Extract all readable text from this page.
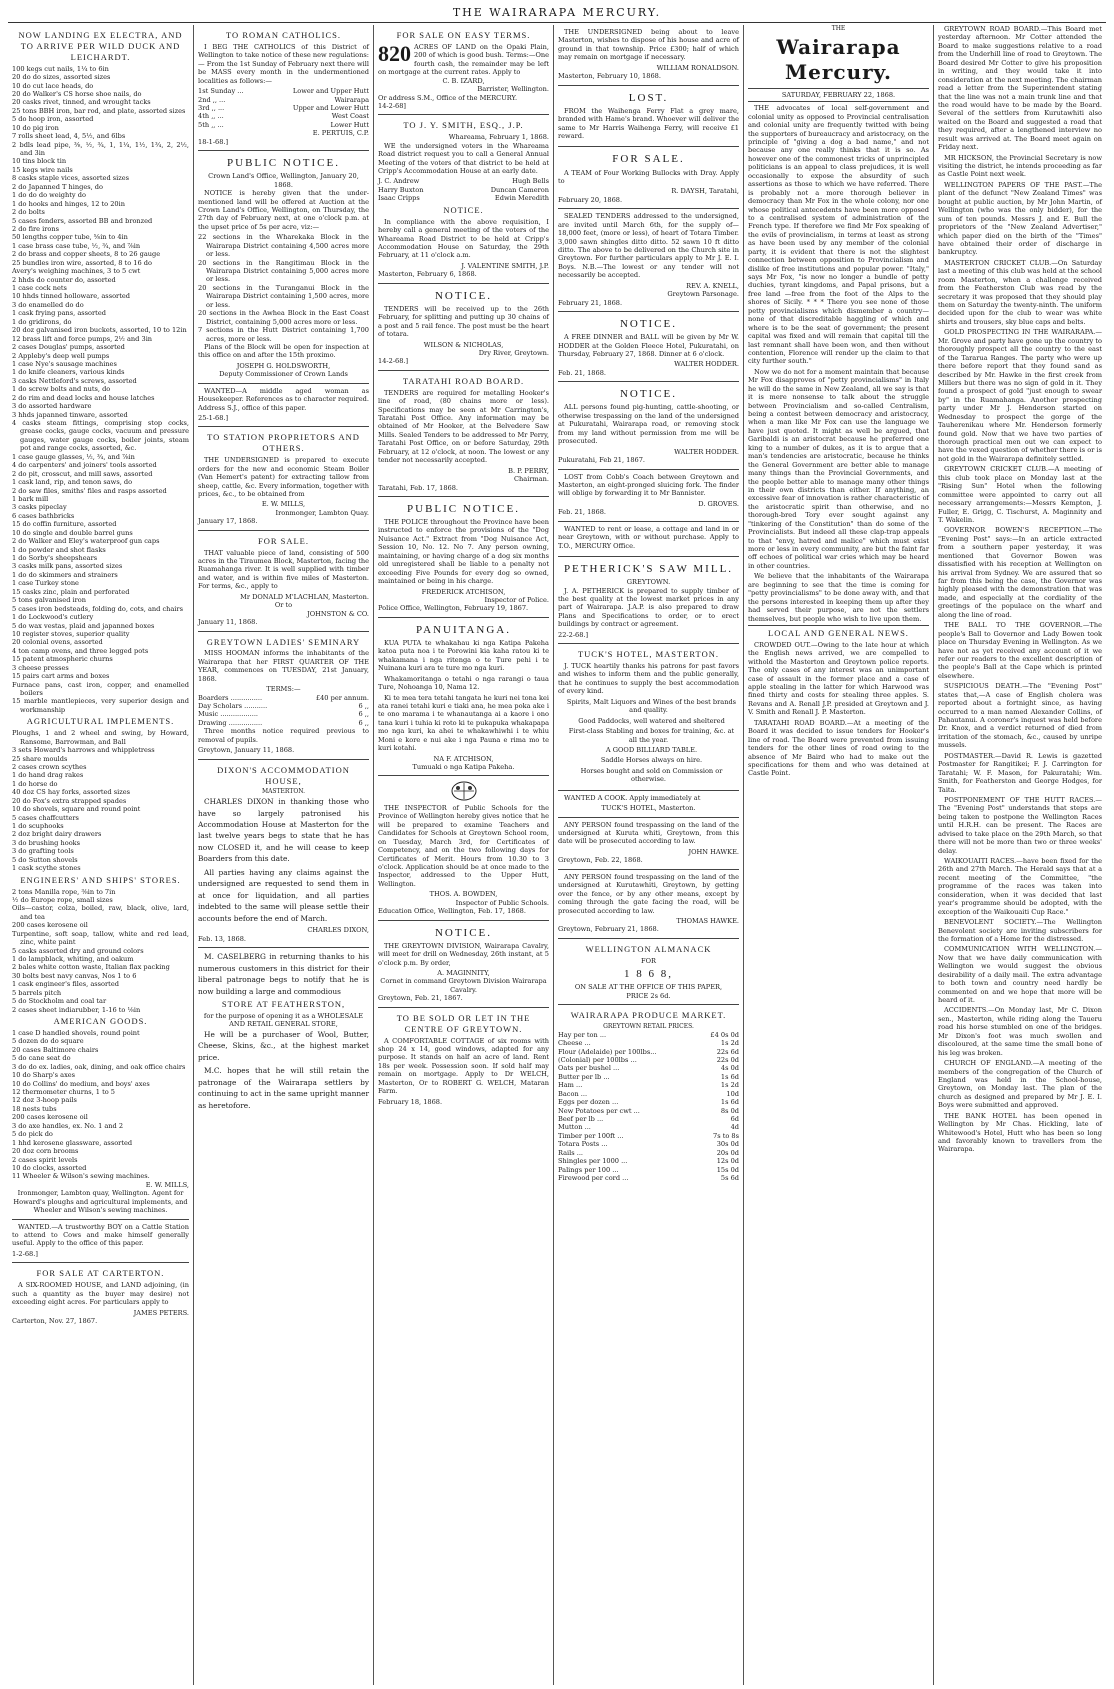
THE WAIRARAPA MERCURY.
NOW LANDING EX ELECTRA, AND TO ARRIVE PER WILD DUCK AND LEICHARDT.
100 kegs cut nails, 1¼ to 6in
20 do do sizes, assorted sizes
10 do cut lace heads, do
20 do Walker's CS horse shoe nails, do
20 casks rivet, tinned, and wrought tacks
25 tons BBH iron, bar rod, and plate, assorted sizes
5 do hoop iron, assorted
10 do pig iron
7 rolls sheet lead, 4, 5½, and 6lbs
2 bdls lead pipe, ⅜, ½, ¾, 1, 1¼, 1½, 1¾, 2, 2½, and 3in
10 tins block tin
15 kegs wire nails
8 casks staple vices, assorted sizes
2 do Japanned T hinges, do
1 do do do weighty do
1 do hooks and hinges, 12 to 20in
2 do bolts
5 cases fenders, assorted BB and bronzed
2 do fire irons
50 lengths copper tube, ⅝in to 4in
1 case brass case tube, ½, ¾, and ⅞in
2 do brass and copper sheets, 8 to 26 gauge
25 bundles iron wire, assorted, 8 to 16 do
Avery's weighing machines, 3 to 5 cwt
2 hhds do counter do, assorted
1 case cock nets
10 hhds tinned holloware, assorted
3 do enamelled do do
1 cask frying pans, assorted
1 do gridirons, do
20 doz galvanised iron buckets, assorted, 10 to 12in
12 brass lift and force pumps, 2½ and 3in
2 cases Douglas' pumps, assorted
2 Appleby's deep well pumps
1 case Nye's sausage machines
1 do knife cleaners, various kinds
3 casks Nettleford's screws, assorted
1 do screw bolts and nuts, do
2 do rim and dead locks and house latches
3 do assorted hardware
3 hhds japanned tinware, assorted
4 casks steam fittings, comprising stop cocks, grease cocks, gauge cocks, vacuum and pressure gauges, water gauge cocks, boiler joints, steam pot and range cocks, assorted, &c.
1 case gauge glasses, ½, ¾, and ⅞in
4 do carpenters' and joiners' tools assorted
2 do pit, crosscut, and mill saws, assorted
1 cask land, rip, and tenon saws, do
2 do saw files, smiths' files and rasps assorted
1 bark mill
3 casks pipeclay
6 cases bathbricks
15 do coffin furniture, assorted
10 do single and double barrel guns
2 do Walker and Eley's waterproof gun caps
1 do powder and shot flasks
1 do Sorby's sheepshears
3 casks milk pans, assorted sizes
1 do do skimmers and strainers
1 case Turkey stone
15 casks zinc, plain and perforated
5 tons galvanised iron
5 cases iron bedsteads, folding do, cots, and chairs
1 do Lockwood's cutlery
5 do wax vestas, plaid and japanned boxes
10 register stoves, superior quality
20 colonial ovens, assorted
4 ton camp ovens, and three legged pots
15 patent atmospheric churns
3 cheese presses
15 pairs cart arms and boxes
Furnace pans, cast iron, copper, and enamelled boilers
15 marble mantlepieces, very superior design and workmanship
AGRICULTURAL IMPLEMENTS.
Ploughs, 1 and 2 wheel and swing, by Howard, Ransome, Barrowman, and Ball
3 sets Howard's harrows and whippletress
25 share moulds
2 cases crown scythes
1 do hand drag rakes
1 do horse do
40 doz CS hay forks, assorted sizes
20 do Fox's extra strapped spades
10 do shovels, square and round point
5 cases chaffcutters
1 do scuphooks
2 doz bright dairy drawers
3 do brushing hooks
3 do grafting tools
5 do Sutton shovels
1 cask scythe stones
ENGINEERS' AND SHIPS' STORES.
2 tons Manilla rope, ⅜in to 7in
½ do Europe rope, small sizes
Oils—castor, colza, boiled, raw, black, olive, lard, and tea
200 cases kerosene oil
Turpentine, soft soap, tallow, white and red lead, zinc, white paint
5 casks assorted dry and ground colors
1 do lampblack, whiting, and oakum
2 bales white cotton waste, Italian flax packing
30 bolts best navy canvas, Nos 1 to 6
1 cask engineer's files, assorted
5 barrels pitch
5 do Stockholm and coal tar
2 cases sheet indiarubber, 1-16 to ⅛in
AMERICAN GOODS.
1 case D handled shovels, round point
5 dozen do do square
20 cases Baltimore chairs
5 do cane seat do
3 do do ex. ladies, oak, dining, and oak office chairs
10 do Sharp's axes
10 do Collins' do medium, and boys' axes
12 thermometer churns, 1 to 5
12 doz 3-hoop pails
18 nests tubs
200 cases kerosene oil
3 do axe handles, ex. No. 1 and 2
5 do pick do
1 hhd kerosene glassware, assorted
20 doz corn brooms
2 cases spirit levels
10 do clocks, assorted
11 Wheeler & Wilson's sewing machines.
E. W. MILLS,
Ironmonger, Lambton quay, Wellington. Agent for Howard's ploughs and agricultural implements, and Wheeler and Wilson's sewing machines.

WANTED.—A trustworthy BOY on a Cattle Station to attend to Cows and make himself generally useful. Apply to the office of this paper.

1-2-68.]
FOR SALE AT CARTERTON.

A SIX-ROOMED HOUSE, and LAND adjoining, (in such a quantity as the buyer may desire) not exceeding eight acres. For particulars apply to

JAMES PETERS.
Carterton, Nov. 27, 1867.
TO ROMAN CATHOLICS.

I BEG THE CATHOLICS of this District of Wellington to take notice of these new regulations:— From the 1st Sunday of February next there will be MASS every month in the undermentioned localities as follows:—

1st Sunday ...	Lower and Upper Hutt
2nd ,, ...	Wairarapa
3rd ,, ...	Upper and Lower Hutt
4th ,, ...	West Coast
5th ,, ...	Lower Hutt
E. PERTUIS, C.P.
18-1-68.]
PUBLIC NOTICE.
Crown Land's Office, Wellington, January 20, 1868.

NOTICE is hereby given that the under-mentioned land will be offered at Auction at the Crown Land's Office, Wellington, on Thursday, the 27th day of February next, at one o'clock p.m. at the upset price of 5s per acre, viz:—

22 sections in the Wharekaka Block in the Wairarapa District containing 4,500 acres more or less.
20 sections in the Rangitimau Block in the Wairarapa District containing 5,000 acres more or less.
20 sections in the Turanganui Block in the Wairarapa District containing 1,500 acres, more or less.
20 sections in the Awhea Block in the East Coast District, containing 5,000 acres more or less.
7 sections in the Hutt District containing 1,700 acres, more or less.

Plans of the Block will be open for inspection at this office on and after the 15th proximo.

JOSEPH G. HOLDSWORTH,
Deputy Commissioner of Crown Lands

WANTED—A middle aged woman as Housekeeper. References as to character required. Address S.J., office of this paper.

25-1-68.]
TO STATION PROPRIETORS AND OTHERS.

THE UNDERSIGNED is prepared to execute orders for the new and economic Steam Boiler (Van Hemert's patent) for extracting tallow from sheep, cattle, &c. Every information, together with prices, &c., to be obtained from

E. W. MILLS,
Ironmonger, Lambton Quay.
January 17, 1868.
FOR SALE.

THAT valuable piece of land, consisting of 500 acres in the Tiraumea Block, Masterton, facing the Ruamahanga river. It is well supplied with timber and water, and is within five miles of Masterton. For terms, &c., apply to

Mr DONALD M'LACHLAN, Masterton.
Or to
JOHNSTON & CO.
January 11, 1868.
GREYTOWN LADIES' SEMINARY

MISS HOOMAN informs the inhabitants of the Wairarapa that her FIRST QUARTER OF THE YEAR, commences on TUESDAY, 21st January, 1868.

TERMS:—
Boarders ...............	£40 per annum.
Day Scholars ...........	6 ,,
Music ..................	6 ,,
Drawing ................	6 ,,

Three months notice required previous to removal of pupils.

Greytown, January 11, 1868.
DIXON'S ACCOMMODATION HOUSE,
MASTERTON.

CHARLES DIXON in thanking those who have so largely patronised his Accommodation House at Masterton for the last twelve years begs to state that he has now CLOSED it, and he will cease to keep Boarders from this date.

All parties having any claims against the undersigned are requested to send them in at once for liquidation, and all parties indebted to the same will please settle their accounts before the end of March.

CHARLES DIXON,
Feb. 13, 1868.

M. CASELBERG in returning thanks to his numerous customers in this district for their liberal patronage begs to notify that he is now building a large and commodious

STORE AT FEATHERSTON,
for the purpose of opening it as a WHOLESALE AND RETAIL GENERAL STORE,

He will be a purchaser of Wool, Butter, Cheese, Skins, &c., at the highest market price.

M.C. hopes that he will still retain the patronage of the Wairarapa settlers by continuing to act in the same upright manner as heretofore.

FOR SALE ON EASY TERMS.
820 ACRES OF LAND on the Opaki Plain, 200 of which is good bush. Terms:—One fourth cash, the remainder may be left on mortgage at the current rates. Apply to
C. B. IZARD,
Barrister, Wellington.
Or address S.M., Office of the MERCURY.
14-2-68]
TO J. Y. SMITH, ESQ., J.P.
Whareama, February 1, 1868.

WE the undersigned voters in the Whareama Road district request you to call a General Annual Meeting of the voters of that district to be held at Cripp's Accommodation House at an early date.

J. C. Andrew	Hugh Bells
Harry Buxton	Duncan Cameron
Isaac Cripps	Edwin Meredith
NOTICE.

In compliance with the above requisition, I hereby call a general meeting of the voters of the Whareama Road District to be held at Cripp's Accommodation House on Saturday, the 29th February, at 11 o'clock a.m.

J. VALENTINE SMITH, J.P.
Masterton, February 6, 1868.
NOTICE.

TENDERS will be received up to the 26th February, for splitting and putting up 30 chains of a post and 5 rail fence. The post must be the heart of totara.

WILSON & NICHOLAS,
Dry River, Greytown.
14-2-68.]
TARATAHI ROAD BOARD.

TENDERS are required for metalling Hooker's line of road, (80 chains more or less). Specifications may be seen at Mr Carrington's, Taratahi Post Office. Any information may be obtained of Mr Hooker, at the Belvedere Saw Mills. Sealed Tenders to be addressed to Mr Perry, Taratahi Post Office, on or before Saturday, 29th February, at 12 o'clock, at noon. The lowest or any tender not necessarily accepted.

B. P. PERRY,
Chairman.
Taratahi, Feb. 17, 1868.
PUBLIC NOTICE.

THE POLICE throughout the Province have been instructed to enforce the provisions of the "Dog Nuisance Act." Extract from "Dog Nuisance Act, Session 10, No. 12. No 7. Any person owning, maintaining, or having charge of a dog six months old unregistered shall be liable to a penalty not exceeding Five Pounds for every dog so owned, maintained or being in his charge.

FREDERICK ATCHISON,
Inspector of Police.
Police Office, Wellington, February 19, 1867.
PANUITANGA.

KUA PUTA te whakahau ki nga Katipa Pakeha katoa puta noa i te Porowini kia kaha ratou ki te whakamana i nga ritenga o te Ture pehi i te Nuinana kuri ara te ture mo nga kuri.

Whakamoritanga o tetahi o nga rarangi o taua Ture, Nohoanga 10, Nama 12.

Ki te mea tera tetahi tangata he kuri nei tona kei ata ranei tetahi kuri e tiaki ana, he mea poka ake i te ono marama i te whanautanga ai a kaore i ono tana kuri i tuhia ki roto ki te pukapuka whakapapa mo nga kuri, ka ahei te whakawhiwhi i te whiu Moni e kore e nui ake i nga Pauna e rima mo te kuri kotahi.

NA F. ATCHISON,
Tumuaki o nga Katipa Pakeha.

THE INSPECTOR of Public Schools for the Province of Wellington hereby gives notice that he will be prepared to examine Teachers and Candidates for Schools at Greytown School room, on Tuesday, March 3rd, for Certificates of Competency, and on the two following days for Certificates of Merit. Hours from 10.30 to 3 o'clock. Application should be at once made to the Inspector, addressed to the Upper Hutt, Wellington.

THOS. A. BOWDEN,
Inspector of Public Schools.
Education Office, Wellington, Feb. 17, 1868.
NOTICE.

THE GREYTOWN DIVISION, Wairarapa Cavalry, will meet for drill on Wednesday, 26th instant, at 5 o'clock p.m. By order,

A. MAGINNITY,
Cornet in command Greytown Division Wairarapa Cavalry.
Greytown, Feb. 21, 1867.
TO BE SOLD OR LET IN THE CENTRE OF GREYTOWN.

A COMFORTABLE COTTAGE of six rooms with shop 24 x 14, good windows, adapted for any purpose. It stands on half an acre of land. Rent 18s per week. Possession soon. If sold half may remain on mortgage. Apply to Dr WELCH, Masterton, Or to ROBERT G. WELCH, Mataran Farm.

February 18, 1868.

THE UNDERSIGNED being about to leave Masterton, wishes to dispose of his house and acre of ground in that township. Price £300; half of which may remain on mortgage if necessary.

WILLIAM RONALDSON.
Masterton, February 10, 1868.
LOST.

FROM the Waihenga Ferry Flat a grey mare, branded with Hame's brand. Whoever will deliver the same to Mr Harris Waihenga Ferry, will receive £1 reward.

FOR SALE.

A TEAM of Four Working Bullocks with Dray. Apply to

R. DAYSH, Taratahi,
February 20, 1868.

SEALED TENDERS addressed to the undersigned, are invited until March 6th, for the supply of— 18,000 feet, (more or less), of heart of Totara Timber. 3,000 sawn shingles ditto ditto. 52 sawn 10 ft ditto ditto. The above to be delivered on the Church site in Greytown. For further particulars apply to Mr J. E. I. Boys. N.B.—The lowest or any tender will not necessarily be accepted.

REV. A. KNELL,
Greytown Parsonage.
February 21, 1868.
NOTICE.

A FREE DINNER and BALL will be given by Mr W. HODDER at the Golden Fleece Hotel, Pukuratahi, on Thursday, February 27, 1868. Dinner at 6 o'clock.

WALTER HODDER.
Feb. 21, 1868.
NOTICE.

ALL persons found pig-hunting, cattle-shooting, or otherwise trespassing on the land of the undersigned at Pukuratahi, Wairarapa road, or removing stock from my land without permission from me will be prosecuted.

WALTER HODDER.
Pukuratahi, Feb 21, 1867.

LOST from Cobb's Coach between Greytown and Masterton, an eight-pronged sluicing fork. The finder will oblige by forwarding it to Mr Bannister.

D. GROVES.
Feb. 21, 1868.

WANTED to rent or lease, a cottage and land in or near Greytown, with or without purchase. Apply to T.O., MERCURY Office.

PETHERICK'S SAW MILL.
GREYTOWN.

J. A. PETHERICK is prepared to supply timber of the best quality at the lowest market prices in any part of Wairarapa. J.A.P. is also prepared to draw Plans and Specifications to order, or to erect buildings by contract or agreement.

22-2-68.]
TUCK'S HOTEL, MASTERTON.

J. TUCK heartily thanks his patrons for past favors and wishes to inform them and the public generally, that he continues to supply the best accommodation of every kind.

Spirits, Malt Liquors and Wines of the best brands and quality.

Good Paddocks, well watered and sheltered

First-class Stabling and boxes for training, &c. at all the year.

A GOOD BILLIARD TABLE.

Saddle Horses always on hire.

Horses bought and sold on Commission or otherwise.

WANTED A COOK. Apply immediately at

TUCK'S HOTEL, Masterton.

ANY PERSON found trespassing on the land of the undersigned at Kuruta whiti, Greytown, from this date will be prosecuted according to law.

JOHN HAWKE.
Greytown, Feb. 22, 1868.

ANY PERSON found trespassing on the land of the undersigned at Kurutawhiti, Greytown, by getting over the fence, or by any other means, except by coming through the gate facing the road, will be prosecuted according to law.

THOMAS HAWKE.
Greytown, February 21, 1868.
WELLINGTON ALMANACK
FOR
1 8 6 8,
ON SALE AT THE OFFICE OF THIS PAPER,
PRICE 2s 6d.
WAIRARAPA PRODUCE MARKET.
GREYTOWN RETAIL PRICES.
Hay per ton ...	£4 0s 0d
Cheese ...	1s 2d
Flour (Adelaide) per 100lbs...	22s 6d
(Colonial) per 100lbs ...	22s 0d
Oats per bushel ...	4s 0d
Butter per lb ...	1s 6d
Ham ...	1s 2d
Bacon ...	10d
Eggs per dozen ...	1s 6d
New Potatoes per cwt ...	8s 0d
Beef per lb ...	6d
Mutton ...	4d
Timber per 100ft ...	7s to 8s
Totara Posts ...	30s 0d
Rails ...	20s 0d
Shingles per 1000 ...	12s 0d
Palings per 100 ...	15s 0d
Firewood per cord ...	5s 6d
THE
Wairarapa Mercury.
SATURDAY, FEBRUARY 22, 1868.

THE advocates of local self-government and colonial unity as opposed to Provincial centralisation and colonial unity are frequently twitted with being the supporters of bureaucracy and aristocracy, on the principle of "giving a dog a bad name," and not because any one really thinks that it is so. As however one of the commonest tricks of unprincipled politicians is an appeal to class prejudices, it is well occasionally to expose the absurdity of such assertions as those to which we have referred. There is probably not a more thorough believer in democracy than Mr Fox in the whole colony, nor one whose political antecedents have been more opposed to a centralised system of administration of the French type. If therefore we find Mr Fox speaking of the evils of provincialism, in terms at least as strong as have been used by any member of the colonial party, it is evident that there is not the slightest connection between opposition to Provincialism and dislike of free institutions and popular power. "Italy," says Mr Fox, "is now no longer a bundle of petty duchies, tyrant kingdoms, and Papal prisons, but a free land —free from the foot of the Alps to the shores of Sicily. * * * There you see none of those petty provincialisms which dismember a country—none of that discreditable haggling of which and where is to be the seat of government; the present capital was fixed and will remain that capital till the last remnant shall have been won, and then without contention, Florence will render up the claim to that city further south."

Now we do not for a moment maintain that because Mr Fox disapproves of "petty provincialisms" in Italy he will do the same in New Zealand, all we say is that it is mere nonsense to talk about the struggle between Provincialism and so-called Centralism, being a contest between democracy and aristocracy, when a man like Mr Fox can use the language we have just quoted. It might as well be argued, that Garibaldi is an aristocrat because he preferred one king to a number of dukes, as it is to argue that a man's tendencies are aristocratic, because he thinks the General Government are better able to manage many things than the Provincial Governments, and the people better able to manage many other things in their own districts than either. If anything, an excessive fear of innovation is rather characteristic of the aristocratic spirit than otherwise, and no thorough-bred Tory ever sought against any "tinkering of the Constitution" than do some of the Provincialists. But indeed all these clap-trap appeals to that "envy, hatred and malice" which must exist more or less in every community, are but the faint far off echoes of political war cries which may be heard in other countries.

We believe that the inhabitants of the Wairarapa are beginning to see that the time is coming for "petty provincialisms" to be done away with, and that the persons interested in keeping them up after they had served their purpose, are not the settlers themselves, but people who wish to live upon them.

LOCAL AND GENERAL NEWS.

CROWDED OUT.—Owing to the late hour at which the English news arrived, we are compelled to withold the Masterton and Greytown police reports. The only cases of any interest was an unimportant case of assault in the former place and a case of apple stealing in the latter for which Harwood was fined thirty and costs for stealing three apples. S. Revans and A. Renall J.P. presided at Greytown and J. V. Smith and Renall J. P. Masterton.

TARATAHI ROAD BOARD.—At a meeting of the Board it was decided to issue tenders for Hooker's line of road. The Board were prevented from issuing tenders for the other lines of road owing to the absence of Mr Baird who had to make out the specifications for them and who was detained at Castle Point.

GREYTOWN ROAD BOARD.—This Board met yesterday afternoon. Mr Cotter attended the Board to make suggestions relative to a road from the Underhill line of road to Greytown. The Board desired Mr Cotter to give his proposition in writing, and they would take it into consideration at the next meeting. The chairman read a letter from the Superintendent stating that the line was not a main trunk line and that the road would have to be made by the Board. Several of the settlers from Kurutawhiti also waited on the Board and suggested a road that they required, after a lengthened interview no result was arrived at. The Board meet again on Friday next.

MR HICKSON, the Provincial Secretary is now visiting the district, he intends proceeding as far as Castle Point next week.

WELLINGTON PAPERS OF THE PAST.—The plant of the defunct "New Zealand Times" was bought at public auction, by Mr John Martin, of Wellington (who was the only bidder), for the sum of ten pounds. Messrs J. and E. Bull the proprietors of the "New Zealand Advertiser," which paper died on the birth of the "Times" have obtained their order of discharge in bankruptcy.

MASTERTON CRICKET CLUB.—On Saturday last a meeting of this club was held at the school room Masterton, when a challenge received from the Featherston Club was read by the secretary it was proposed that they should play them on Saturday the twenty-ninth. The uniform decided upon for the club to wear was white shirts and trousers, sky blue caps and belts.

GOLD PROSPECTING IN THE WAIRARAPA.—Mr. Grove and party have gone up the country to thoroughly prospect all the country to the east of the Tararua Ranges. The party who were up there before report that they found sand as described by Mr. Hawke in the first creek from Millers but there was no sign of gold in it. They found a prospect of gold "just enough to swear by" in the Ruamahanga. Another prospecting party under Mr J. Henderson started on Wednesday to prospect the gorge of the Tauherenikau where Mr. Henderson formerly found gold. Now that we have two parties of thorough practical men out we can expect to have the vexed question of whether there is or is not gold in the Wairarapa definitely settled.

GREYTOWN CRICKET CLUB.—A meeting of this club took place on Monday last at the "Rising Sun" Hotel when the following committee were appointed to carry out all necessary arrangements:—Messrs Kempton, J. Fuller, E. Grigg, C. Tischurst, A. Maginnity and T. Wakelin.

GOVERNOR BOWEN'S RECEPTION.—The "Evening Post" says:—In an article extracted from a southern paper yesterday, it was mentioned that Governor Bowen was dissatisfied with his reception at Wellington on his arrival from Sydney. We are assured that so far from this being the case, the Governor was highly pleased with the demonstration that was made, and especially at the cordiality of the greetings of the populace on the wharf and along the line of road.

THE BALL TO THE GOVERNOR.—The people's Ball to Governor and Lady Bowen took place on Thursday Evening in Wellington. As we have not as yet received any account of it we refer our readers to the excellent description of the people's Ball at the Cape which is printed elsewhere.

SUSPICIOUS DEATH.—The "Evening Post" states that,—A case of English cholera was reported about a fortnight since, as having occurred to a man named Alexander Collins, of Pahautanui. A coroner's inquest was held before Dr. Knox, and a verdict returned of died from irritation of the stomach, &c., caused by unripe mussels.

POSTMASTER.—David R. Lewis is gazetted Postmaster for Rangitikei; F. J. Carrington for Taratahi; W. F. Mason, for Pakuratahi; Wm. Smith, for Featherston and George Hodges, for Taita.

POSTPONEMENT OF THE HUTT RACES.—The "Evening Post" understands that steps are being taken to postpone the Wellington Races until H.R.H. can be present. The Races are advised to take place on the 29th March, so that there will not be more than two or three weeks' delay.

WAIKOUAITI RACES.—have been fixed for the 26th and 27th March. The Herald says that at a recent meeting of the Committee, "the programme of the races was taken into consideration, when it was decided that last year's programme should be adopted, with the exception of the Waikouaiti Cup Race."

BENEVOLENT SOCIETY.—The Wellington Benevolent society are inviting subscribers for the formation of a Home for the distressed.

COMMUNICATION WITH WELLINGTON.—Now that we have daily communication with Wellington we would suggest the obvious desirability of a daily mail. The extra advantage to both town and country need hardly be commented on and we hope that more will be heard of it.

ACCIDENTS.—On Monday last, Mr C. Dixon sen., Masterton, while riding along the Taueru road his horse stumbled on one of the bridges. Mr Dixon's foot was much swollen and discoloured, at the same time the small bone of his leg was broken.

CHURCH OF ENGLAND.—A meeting of the members of the congregation of the Church of England was held in the School-house, Greytown, on Monday last. The plan of the church as designed and prepared by Mr J. E. I. Boys were submitted and approved.

THE BANK HOTEL has been opened in Wellington by Mr Chas. Hickling, late of Whitewood's Hotel, Hutt who has been so long and favorably known to travellers from the Wairarapa.
